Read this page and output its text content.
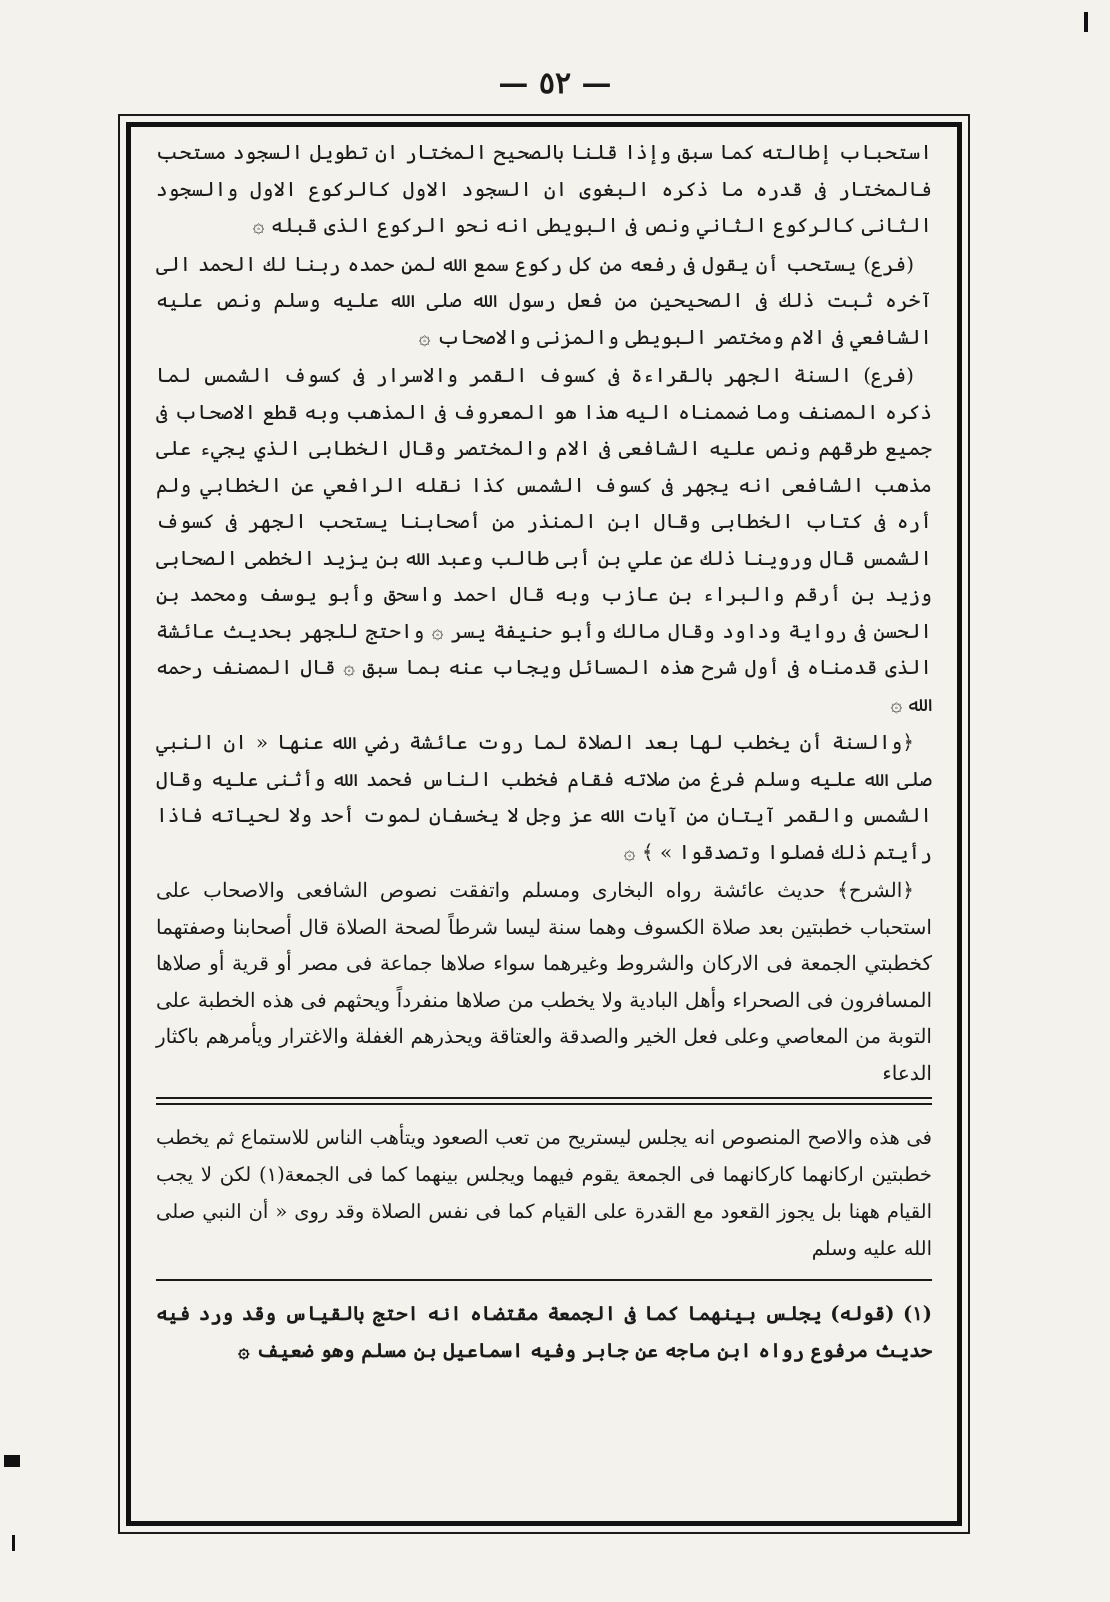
— ٥٢ —

استحباب إطالته كما سبق وإذا قلنا بالصحيح المختار ان تطويل السجود مستحب فالمختار فى قدره ما ذكره البغوى ان السجود الاول كالركوع الاول والسجود الثانى كالركوع الثاني ونص فى البويطى انه نحو الركوع الذى قبله ۞

(فرع) يستحب أن يقول فى رفعه من كل ركوع سمع الله لمن حمده ربنا لك الحمد الى آخره ثبت ذلك فى الصحيحين من فعل رسول الله صلى الله عليه وسلم ونص عليه الشافعي فى الام ومختصر البويطى والمزنى والاصحاب ۞

(فرع) السنة الجهر بالقراءة فى كسوف القمر والاسرار فى كسوف الشمس لما ذكره المصنف وما ضممناه اليه هذا هو المعروف فى المذهب وبه قطع الاصحاب فى جميع طرقهم ونص عليه الشافعى فى الام والمختصر وقال الخطابى الذي يجيء على مذهب الشافعى انه يجهر فى كسوف الشمس كذا نقله الرافعي عن الخطابي ولم أره فى كتاب الخطابى وقال ابن المنذر من أصحابنا يستحب الجهر فى كسوف الشمس قال وروينا ذلك عن علي بن أبى طالب وعبد الله بن يزيد الخطمى الصحابى وزيد بن أرقم والبراء بن عازب وبه قال احمد واسحق وأبو يوسف ومحمد بن الحسن فى رواية وداود وقال مالك وأبو حنيفة يسر ۞ واحتج للجهر بحديث عائشة الذى قدمناه فى أول شرح هذه المسائل ويجاب عنه بما سبق ۞ قال المصنف رحمه الله ۞

﴿والسنة أن يخطب لها بعد الصلاة لما روت عائشة رضي الله عنها « ان النبي صلى الله عليه وسلم فرغ من صلاته فقام فخطب الناس فحمد الله وأثنى عليه وقال الشمس والقمر آيتان من آيات الله عز وجل لا يخسفان لموت أحد ولا لحياته فاذا رأيتم ذلك فصلوا وتصدقوا » ﴾ ۞

﴿الشرح﴾ حديث عائشة رواه البخارى ومسلم واتفقت نصوص الشافعى والاصحاب على استحباب خطبتين بعد صلاة الكسوف وهما سنة ليسا شرطاً لصحة الصلاة قال أصحابنا وصفتهما كخطبتي الجمعة فى الاركان والشروط وغيرهما سواء صلاها جماعة فى مصر أو قرية أو صلاها المسافرون فى الصحراء وأهل البادية ولا يخطب من صلاها منفرداً ويحثهم فى هذه الخطبة على التوبة من المعاصي وعلى فعل الخير والصدقة والعتاقة ويحذرهم الغفلة والاغترار ويأمرهم باكثار الدعاء

فى هذه والاصح المنصوص انه يجلس ليستريح من تعب الصعود ويتأهب الناس للاستماع ثم يخطب خطبتين اركانهما كاركانهما فى الجمعة يقوم فيهما ويجلس بينهما كما فى الجمعة(١) لكن لا يجب القيام ههنا بل يجوز القعود مع القدرة على القيام كما فى نفس الصلاة وقد روى « أن النبي صلى الله عليه وسلم

(١) (قوله) يجلس بينهما كما فى الجمعة مقتضاه انه احتج بالقياس وقد ورد فيه حديث مرفوع رواه ابن ماجه عن جابر وفيه اسماعيل بن مسلم وهو ضعيف ۞
